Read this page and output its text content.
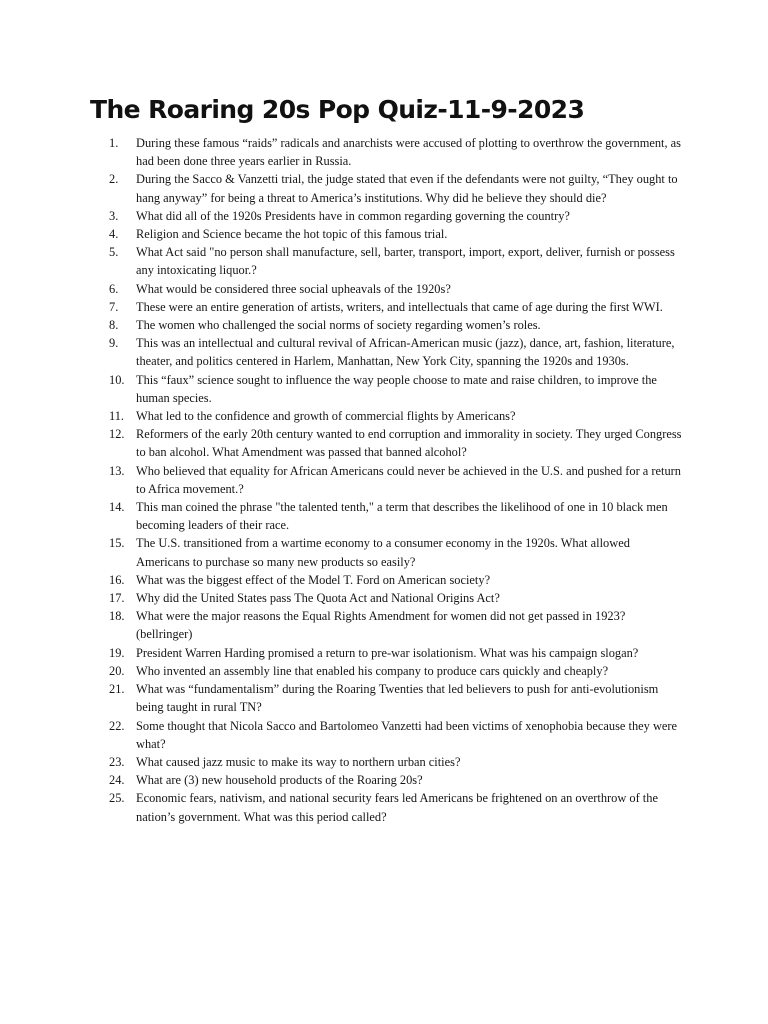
The Roaring 20s Pop Quiz-11-9-2023
1.	During these famous “raids” radicals and anarchists were accused of plotting to overthrow the government, as had been done three years earlier in Russia.
2.	During the Sacco & Vanzetti trial, the judge stated that even if the defendants were not guilty, “They ought to hang anyway” for being a threat to America’s institutions. Why did he believe they should die?
3.	What did all of the 1920s Presidents have in common regarding governing the country?
4.	Religion and Science became the hot topic of this famous trial.
5.	What Act said "no person shall manufacture, sell, barter, transport, import, export, deliver, furnish or possess any intoxicating liquor.?
6.	What would be considered three social upheavals of the 1920s?
7.	These were an entire generation of artists, writers, and intellectuals that came of age during the first WWI.
8.	The women who challenged the social norms of society regarding women’s roles.
9.	This was an intellectual and cultural revival of African-American music (jazz), dance, art, fashion, literature, theater, and politics centered in Harlem, Manhattan, New York City, spanning the 1920s and 1930s.
10. This “faux” science sought to influence the way people choose to mate and raise children, to improve the human species.
11. What led to the confidence and growth of commercial flights by Americans?
12. Reformers of the early 20th century wanted to end corruption and immorality in society. They urged Congress to ban alcohol. What Amendment was passed that banned alcohol?
13. Who believed that equality for African Americans could never be achieved in the U.S. and pushed for a return to Africa movement.?
14. This man coined the phrase "the talented tenth," a term that describes the likelihood of one in 10 black men becoming leaders of their race.
15. The U.S. transitioned from a wartime economy to a consumer economy in the 1920s. What allowed Americans to purchase so many new products so easily?
16. What was the biggest effect of the Model T. Ford on American society?
17. Why did the United States pass The Quota Act and National Origins Act?
18. What were the major reasons the Equal Rights Amendment for women did not get passed in 1923? (bellringer)
19. President Warren Harding promised a return to pre-war isolationism. What was his campaign slogan?
20. Who invented an assembly line that enabled his company to produce cars quickly and cheaply?
21. What was “fundamentalism” during the Roaring Twenties that led believers to push for anti-evolutionism being taught in rural TN?
22. Some thought that Nicola Sacco and Bartolomeo Vanzetti had been victims of xenophobia because they were what?
23. What caused jazz music to make its way to northern urban cities?
24. What are (3) new household products of the Roaring 20s?
25. Economic fears, nativism, and national security fears led Americans be frightened on an overthrow of the nation’s government. What was this period called?
